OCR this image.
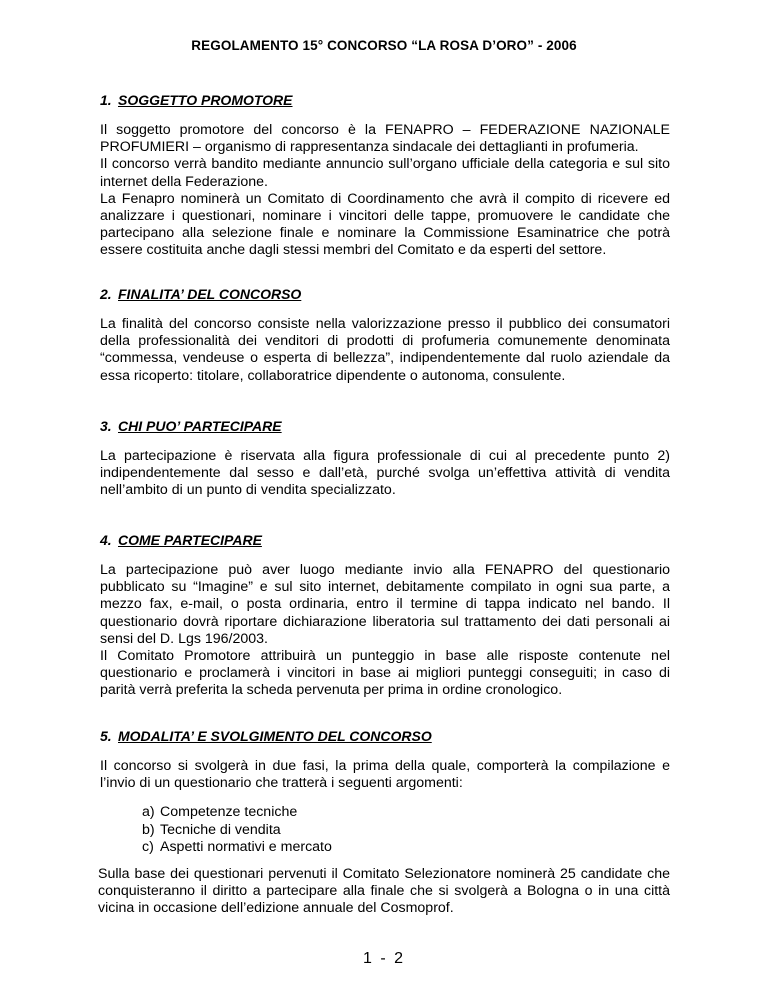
REGOLAMENTO 15° CONCORSO “LA ROSA D’ORO” - 2006
1. SOGGETTO PROMOTORE

Il soggetto promotore del concorso è la FENAPRO – FEDERAZIONE NAZIONALE PROFUMIERI – organismo di rappresentanza sindacale dei dettaglianti in profumeria.

Il concorso verrà bandito mediante annuncio sull’organo ufficiale della categoria e sul sito internet della Federazione.

La Fenapro nominerà un Comitato di Coordinamento che avrà il compito di ricevere ed analizzare i questionari, nominare i vincitori delle tappe, promuovere le candidate che partecipano alla selezione finale e nominare la Commissione Esaminatrice che potrà essere costituita anche dagli stessi membri del Comitato e da esperti del settore.

2. FINALITA’ DEL CONCORSO

La finalità del concorso consiste nella valorizzazione presso il pubblico dei consumatori della professionalità dei venditori di prodotti di profumeria comunemente denominata “commessa, vendeuse o esperta di bellezza”, indipendentemente dal ruolo aziendale da essa ricoperto: titolare, collaboratrice dipendente o autonoma, consulente.

3. CHI PUO’ PARTECIPARE

La partecipazione è riservata alla figura professionale di cui al precedente punto 2) indipendentemente dal sesso e dall’età, purché svolga un’effettiva attività di vendita nell’ambito di un punto di vendita specializzato.

4. COME PARTECIPARE

La partecipazione può aver luogo mediante invio alla FENAPRO del questionario pubblicato su “Imagine” e sul sito internet, debitamente compilato in ogni sua parte, a mezzo fax, e-mail, o posta ordinaria, entro il termine di tappa indicato nel bando. Il questionario dovrà riportare dichiarazione liberatoria sul trattamento dei dati personali ai sensi del D. Lgs 196/2003.

Il Comitato Promotore attribuirà un punteggio in base alle risposte contenute nel questionario e proclamerà i vincitori in base ai migliori punteggi conseguiti; in caso di parità verrà preferita la scheda pervenuta per prima in ordine cronologico.

5. MODALITA’ E SVOLGIMENTO DEL CONCORSO

Il concorso si svolgerà in due fasi, la prima della quale, comporterà la compilazione e l’invio di un questionario che tratterà i seguenti argomenti:

a) Competenze tecniche
b) Tecniche di vendita
c) Aspetti normativi e mercato

Sulla base dei questionari pervenuti il Comitato Selezionatore nominerà 25 candidate che conquisteranno il diritto a partecipare alla finale che si svolgerà a Bologna o in una città vicina in occasione dell’edizione annuale del Cosmoprof.

1 - 2
